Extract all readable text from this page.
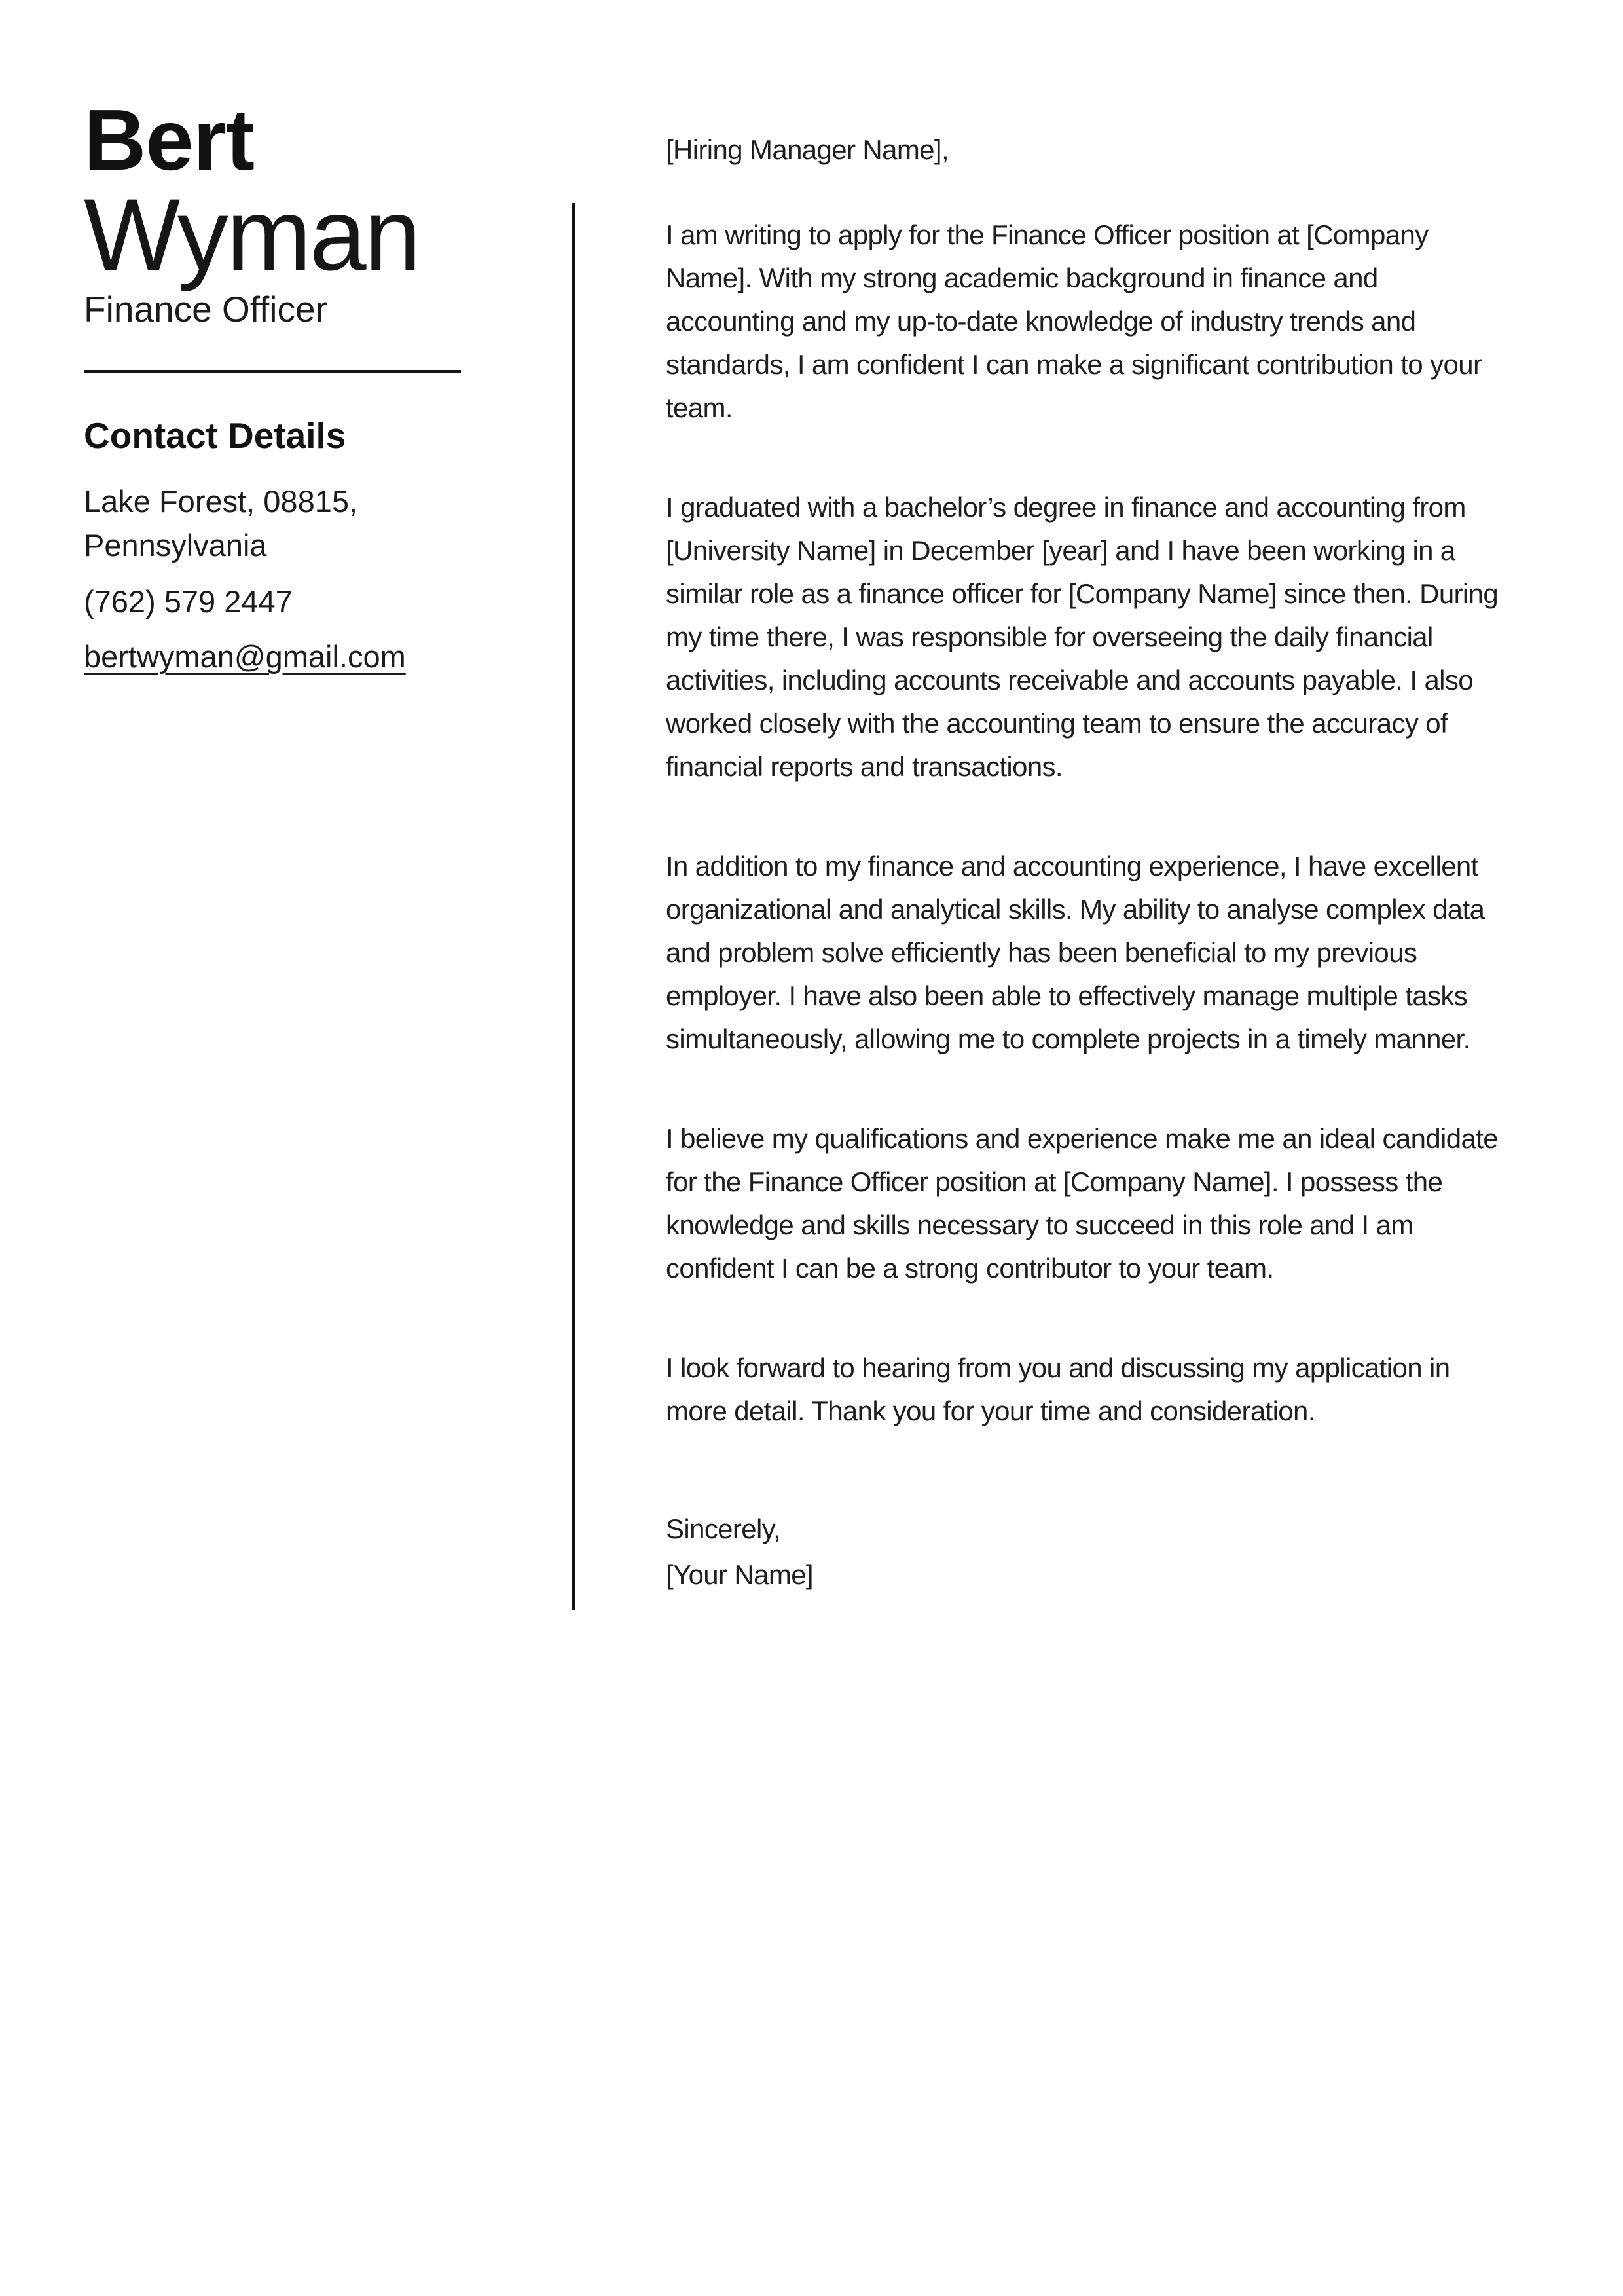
Bert
Wyman
Finance Officer
Contact Details
Lake Forest, 08815,
Pennsylvania
(762) 579 2447
bertwyman@gmail.com
[Hiring Manager Name],

I am writing to apply for the Finance Officer position at [Company Name]. With my strong academic background in finance and accounting and my up-to-date knowledge of industry trends and standards, I am confident I can make a significant contribution to your team.

I graduated with a bachelor’s degree in finance and accounting from [University Name] in December [year] and I have been working in a similar role as a finance officer for [Company Name] since then. During my time there, I was responsible for overseeing the daily financial activities, including accounts receivable and accounts payable. I also worked closely with the accounting team to ensure the accuracy of financial reports and transactions.

In addition to my finance and accounting experience, I have excellent organizational and analytical skills. My ability to analyse complex data and problem solve efficiently has been beneficial to my previous employer. I have also been able to effectively manage multiple tasks simultaneously, allowing me to complete projects in a timely manner.

I believe my qualifications and experience make me an ideal candidate for the Finance Officer position at [Company Name]. I possess the knowledge and skills necessary to succeed in this role and I am confident I can be a strong contributor to your team.

I look forward to hearing from you and discussing my application in more detail. Thank you for your time and consideration.

Sincerely,
[Your Name]
